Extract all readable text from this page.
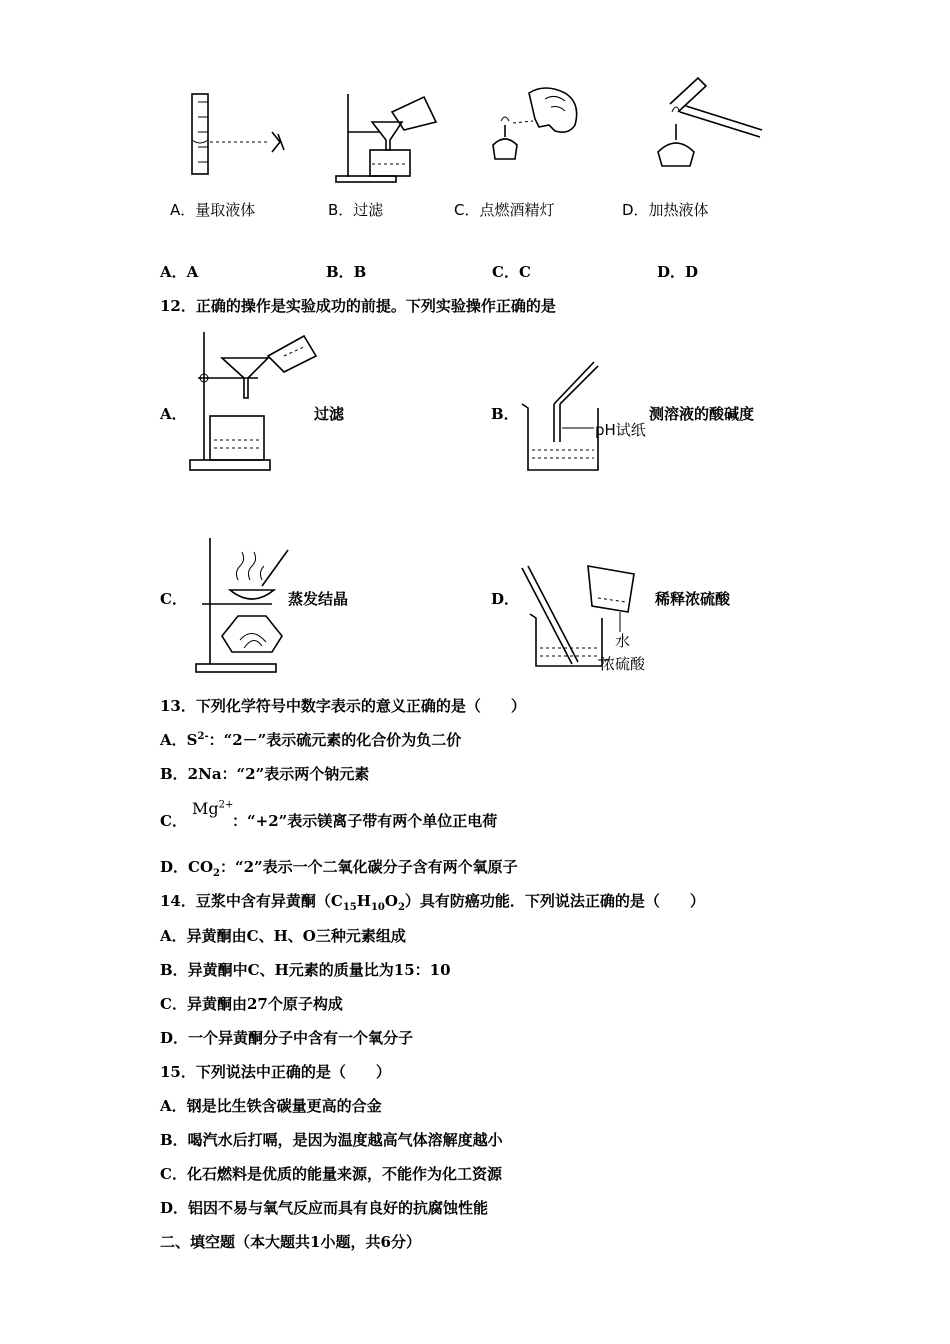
A．量取液体	B．过滤	C．点燃酒精灯	D．加热液体
A．A	B．B	C．C	D．D
12．正确的操作是实验成功的前提。下列实验操作正确的是
A．	过滤	B．
pH试纸
测溶液的酸碱度
C．	蒸发结晶	D．
水
浓硫酸
稀释浓硫酸
13．下列化学符号中数字表示的意义正确的是（　　）
A．$S^{2-}$：“2－”表示硫元素的化合价为负二价
B．2Na：“2”表示两个钠元素
C．
$Mg^{2+}$
：“+2”表示镁离子带有两个单位正电荷
D．$CO_2$：“2”表示一个二氧化碳分子含有两个氧原子
14．豆浆中含有异黄酮$(C_{15}H_{10}O_2)$具有防癌功能．下列说法正确的是（　　）
A．异黄酮由C、H、O三种元素组成
B．异黄酮中C、H元素的质量比为15：10
C．异黄酮由27个原子构成
D．一个异黄酮分子中含有一个氧分子
15．下列说法中正确的是（　　）
A．钢是比生铁含碳量更高的合金
B．喝汽水后打嗝，是因为温度越高气体溶解度越小
C．化石燃料是优质的能量来源，不能作为化工资源
D．铝因不易与氧气反应而具有良好的抗腐蚀性能
二、填空题（本大题共1小题，共6分）
